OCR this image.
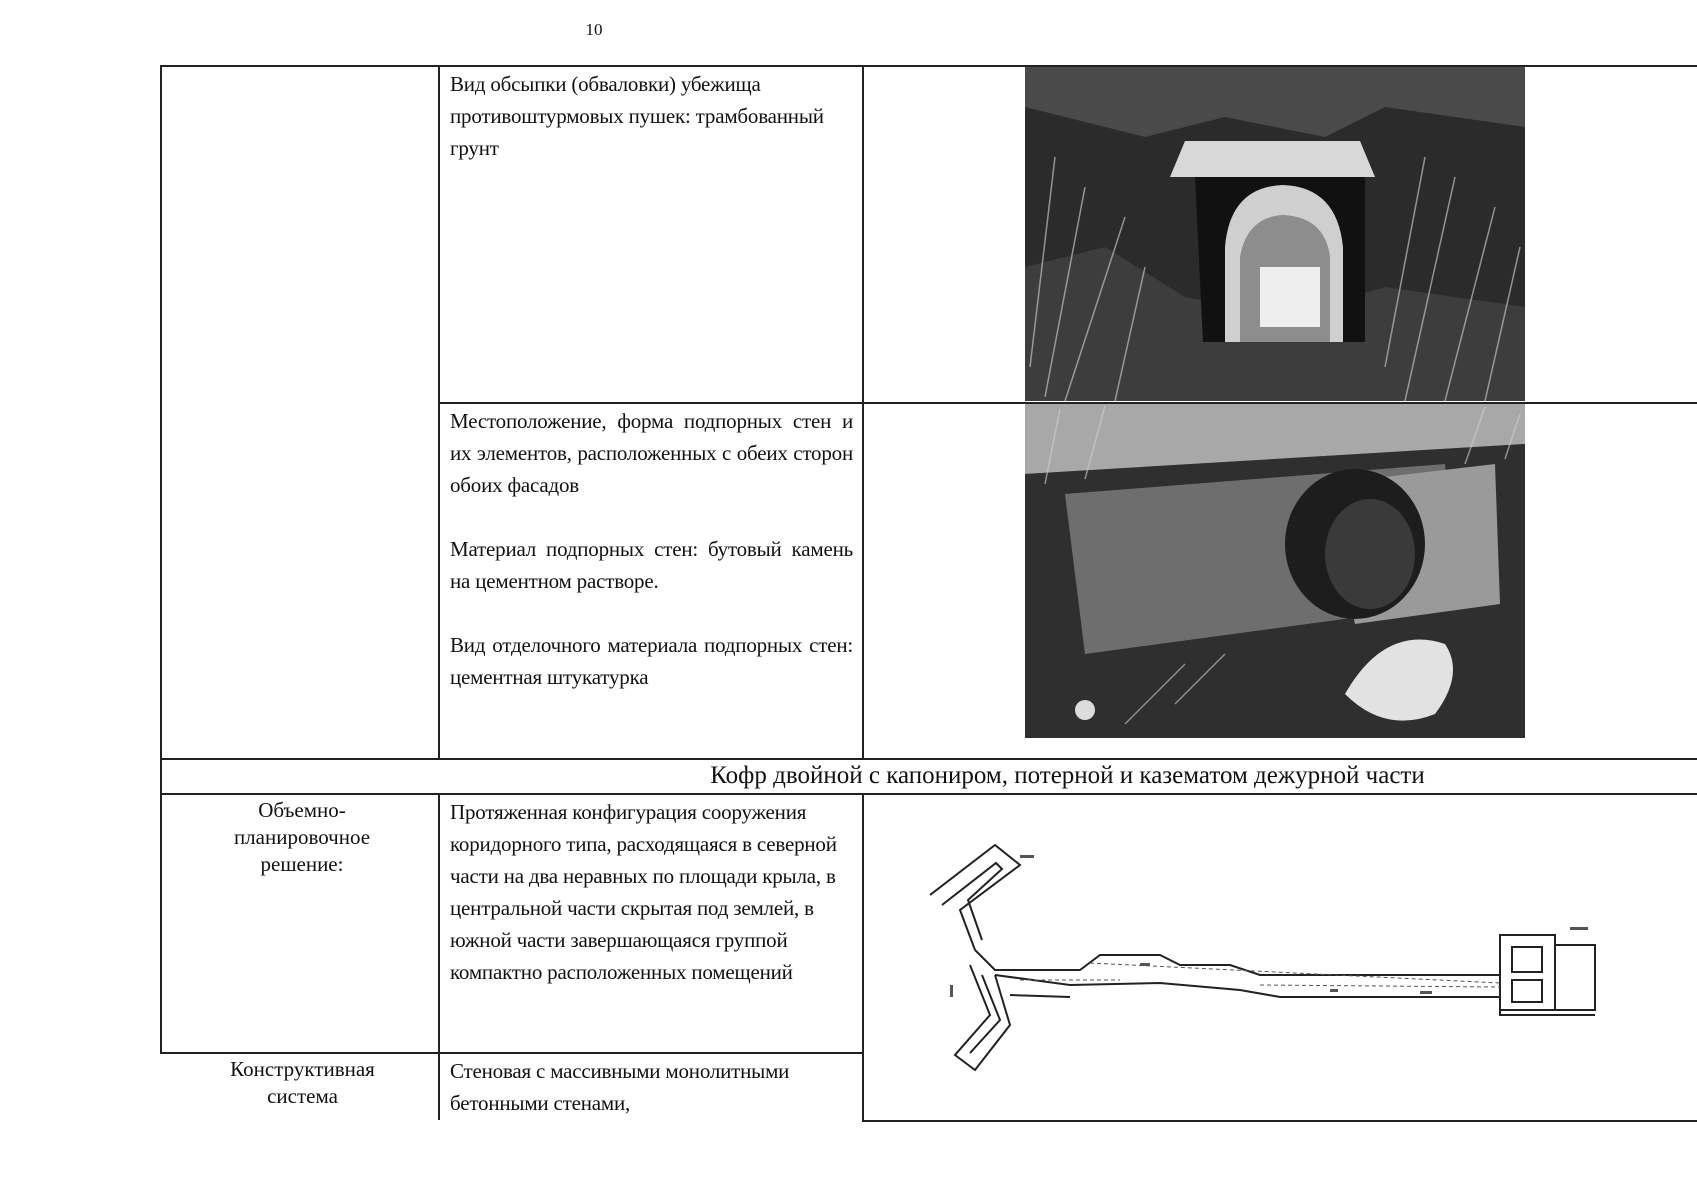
10

Вид обсыпки (обваловки) убежища противоштурмовых пушек: трамбованный грунт

Местоположение, форма подпорных стен и их элементов, расположенных с обеих сторон обоих фасадов

Материал подпорных стен: бутовый камень на цементном растворе.

Вид отделочного материала подпорных стен: цементная штукатурка

Кофр двойной с капониром, потерной и казематом дежурной части
Объемно-планировочное решение:
Протяженная конфигурация сооружения коридорного типа, расходящаяся в северной части на два неравных по площади крыла, в центральной части скрытая под землей, в южной части завершающаяся группой компактно расположенных помещений
Конструктивная система
Стеновая с массивными монолитными бетонными стенами,
